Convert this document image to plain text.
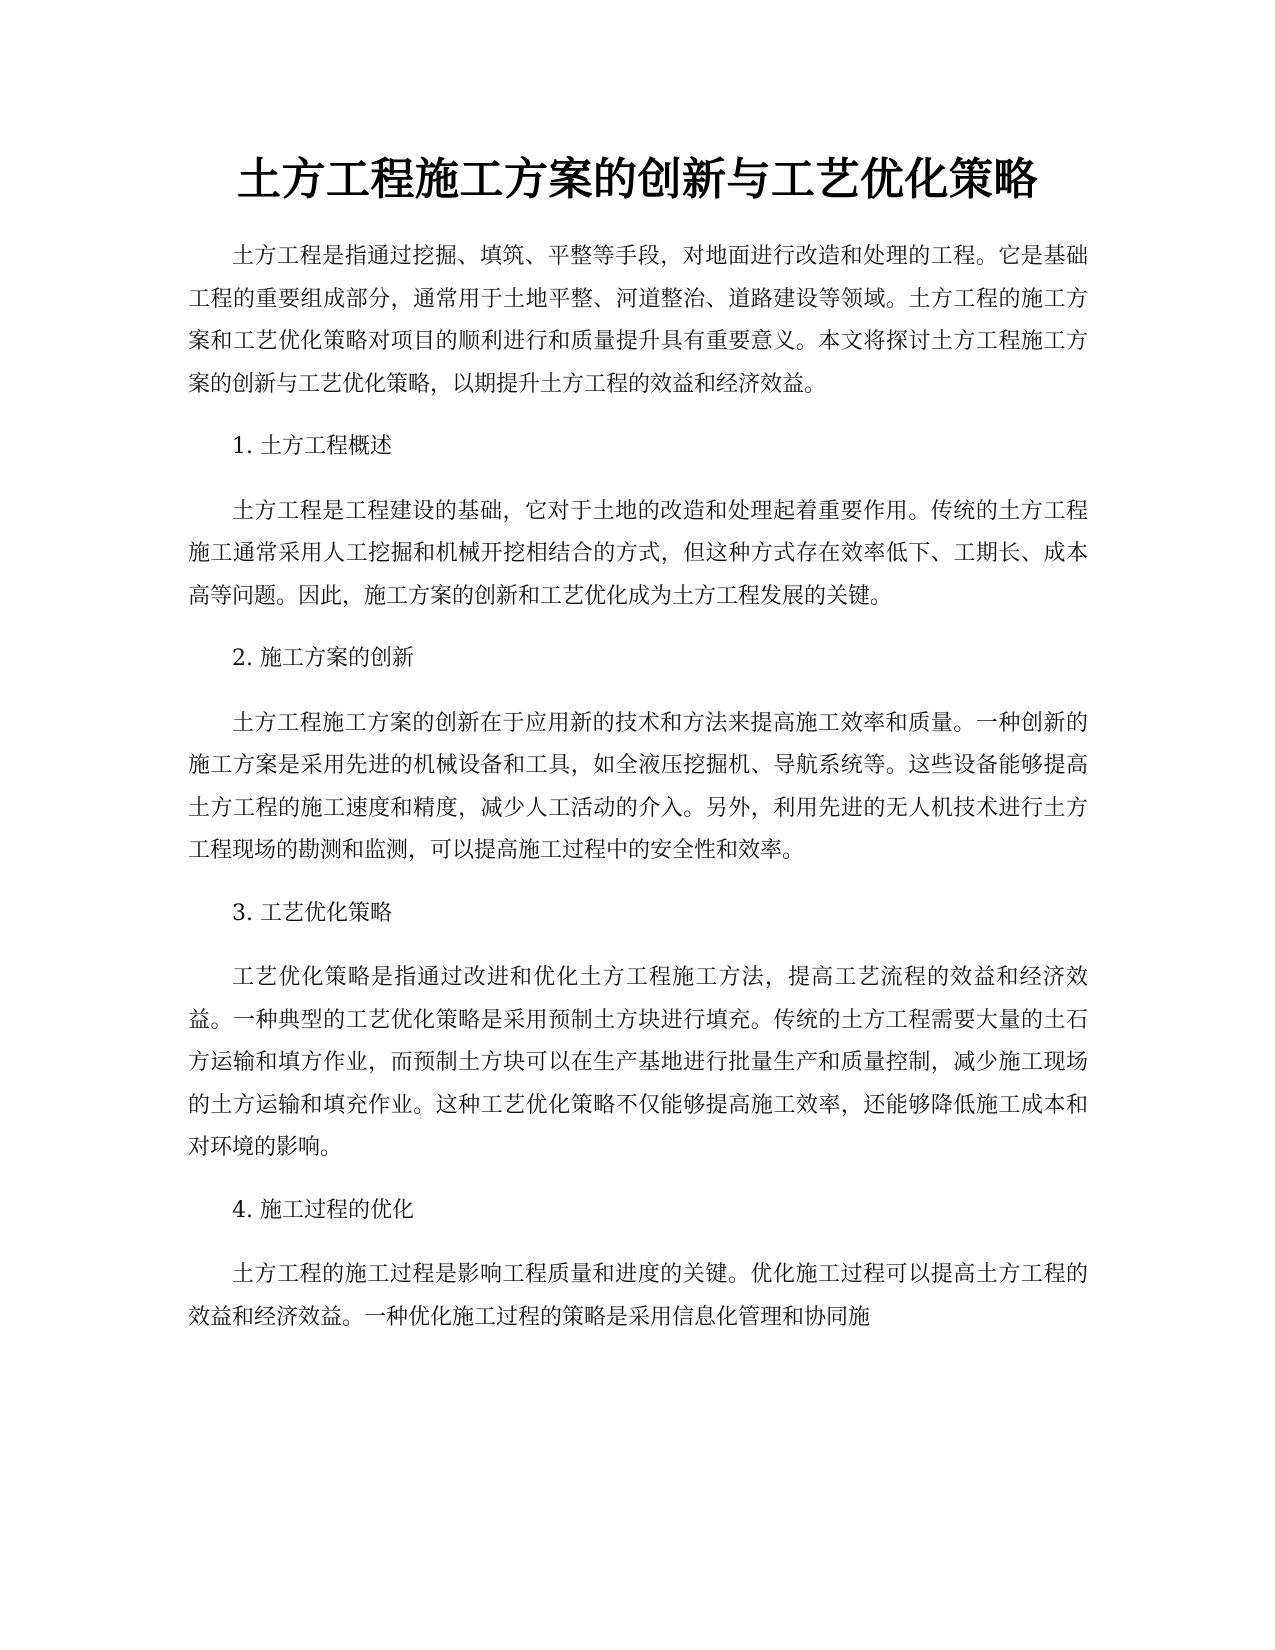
土方工程施工方案的创新与工艺优化策略

土方工程是指通过挖掘、填筑、平整等手段，对地面进行改造和处理的工程。它是基础工程的重要组成部分，通常用于土地平整、河道整治、道路建设等领域。土方工程的施工方案和工艺优化策略对项目的顺利进行和质量提升具有重要意义。本文将探讨土方工程施工方案的创新与工艺优化策略，以期提升土方工程的效益和经济效益。

1. 土方工程概述

土方工程是工程建设的基础，它对于土地的改造和处理起着重要作用。传统的土方工程施工通常采用人工挖掘和机械开挖相结合的方式，但这种方式存在效率低下、工期长、成本高等问题。因此，施工方案的创新和工艺优化成为土方工程发展的关键。

2. 施工方案的创新

土方工程施工方案的创新在于应用新的技术和方法来提高施工效率和质量。一种创新的施工方案是采用先进的机械设备和工具，如全液压挖掘机、导航系统等。这些设备能够提高土方工程的施工速度和精度，减少人工活动的介入。另外，利用先进的无人机技术进行土方工程现场的勘测和监测，可以提高施工过程中的安全性和效率。

3. 工艺优化策略

工艺优化策略是指通过改进和优化土方工程施工方法，提高工艺流程的效益和经济效益。一种典型的工艺优化策略是采用预制土方块进行填充。传统的土方工程需要大量的土石方运输和填方作业，而预制土方块可以在生产基地进行批量生产和质量控制，减少施工现场的土方运输和填充作业。这种工艺优化策略不仅能够提高施工效率，还能够降低施工成本和对环境的影响。

4. 施工过程的优化

土方工程的施工过程是影响工程质量和进度的关键。优化施工过程可以提高土方工程的效益和经济效益。一种优化施工过程的策略是采用信息化管理和协同施
